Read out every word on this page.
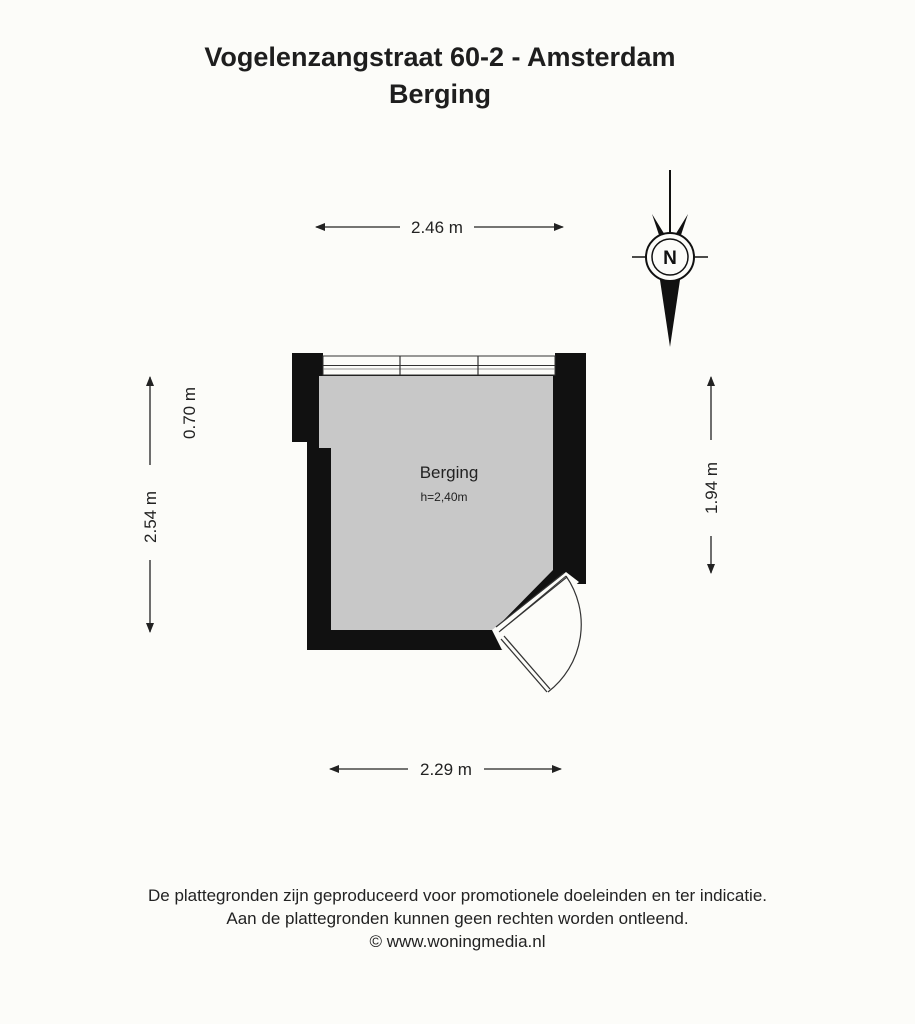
Vogelenzangstraat 60-2 - Amsterdam
Berging
2.46 m
2.54 m
0.70 m
1.94 m
2.29 m
Berging
h=2,40m
N
De plattegronden zijn geproduceerd voor promotionele doeleinden en ter indicatie.
Aan de plattegronden kunnen geen rechten worden ontleend.
© www.woningmedia.nl
